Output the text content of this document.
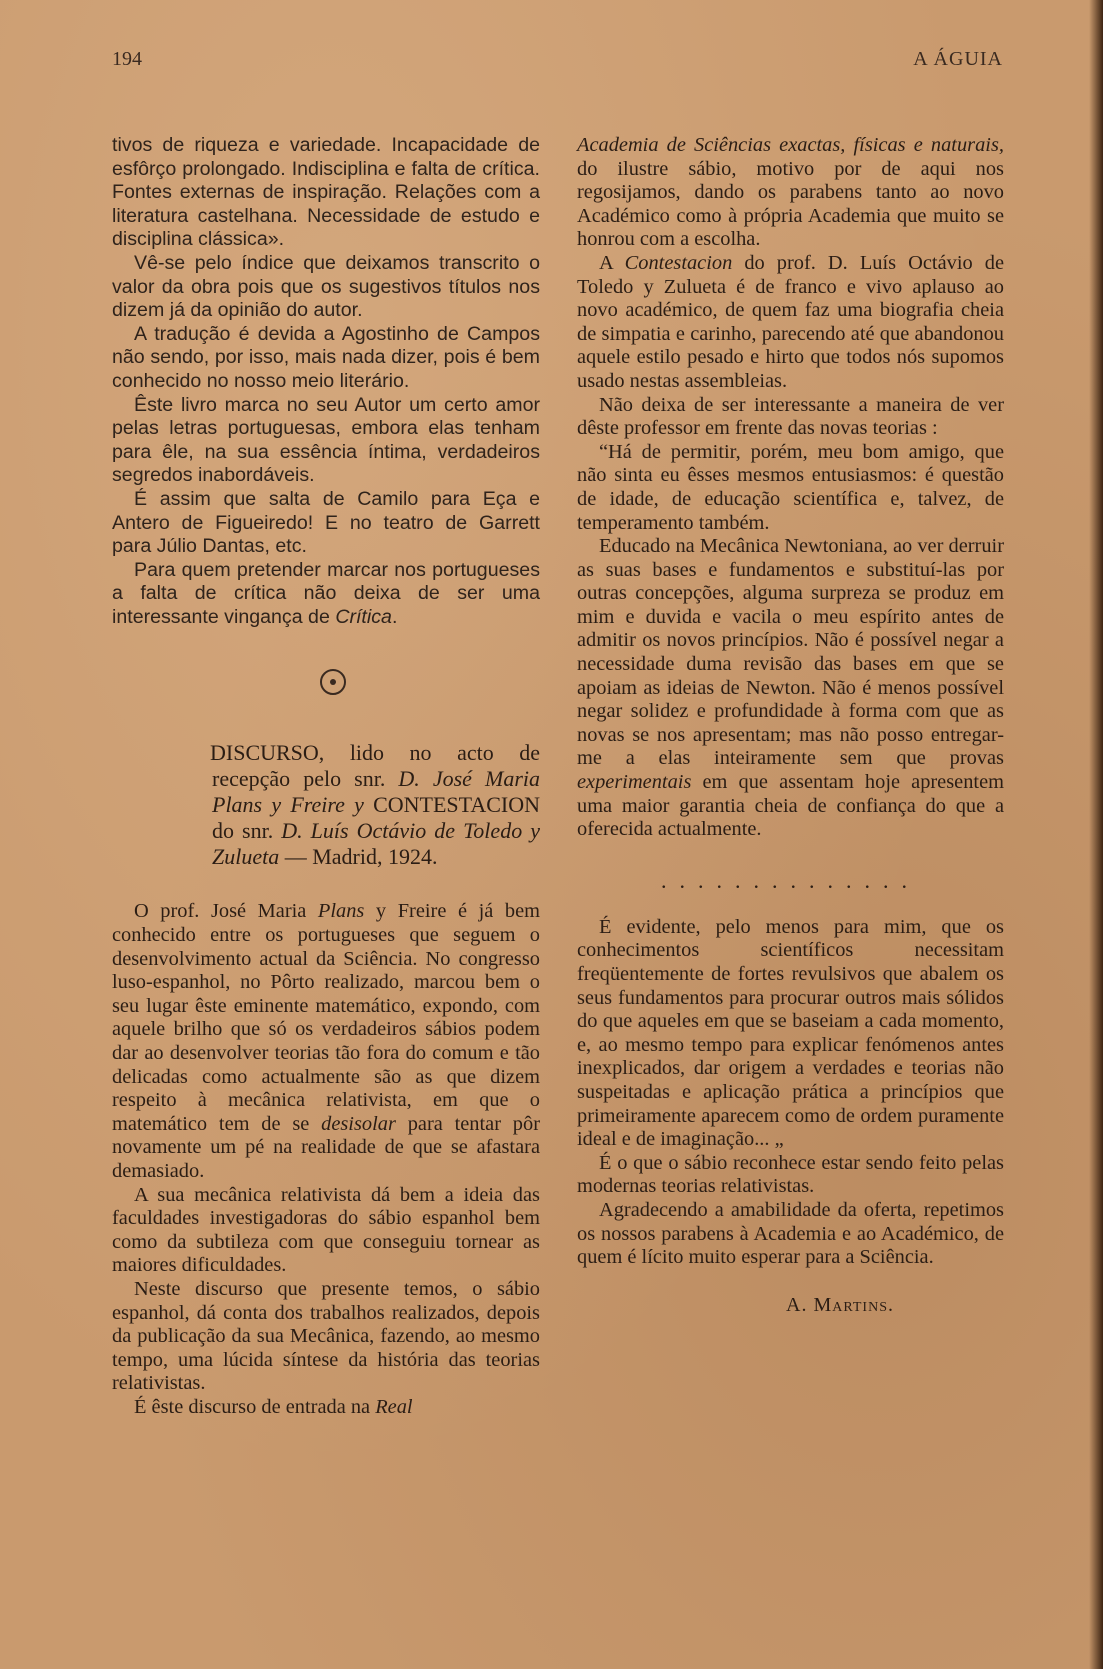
194	A ÁGUIA

tivos de riqueza e variedade. Incapacidade de esfôrço prolongado. Indisciplina e falta de crítica. Fontes externas de inspiração. Relações com a literatura castelhana. Necessidade de estudo e disciplina clássica».

Vê-se pelo índice que deixamos transcrito o valor da obra pois que os sugestivos títulos nos dizem já da opinião do autor.

A tradução é devida a Agostinho de Campos não sendo, por isso, mais nada dizer, pois é bem conhecido no nosso meio literário.

Êste livro marca no seu Autor um certo amor pelas letras portuguesas, embora elas tenham para êle, na sua essência íntima, verdadeiros segredos inabordáveis.

É assim que salta de Camilo para Eça e Antero de Figueiredo! E no teatro de Garrett para Júlio Dantas, etc.

Para quem pretender marcar nos portugueses a falta de crítica não deixa de ser uma interessante vingança de Crítica.

DISCURSO, lido no acto de recepção pelo snr. D. José Maria Plans y Freire y CONTESTACION do snr. D. Luís Octávio de Toledo y Zulueta — Madrid, 1924.

O prof. José Maria Plans y Freire é já bem conhecido entre os portugueses que seguem o desenvolvimento actual da Sciência. No congresso luso-espanhol, no Pôrto realizado, marcou bem o seu lugar êste eminente matemático, expondo, com aquele brilho que só os verdadeiros sábios podem dar ao desenvolver teorias tão fora do comum e tão delicadas como actualmente são as que dizem respeito à mecânica relativista, em que o matemático tem de se desisolar para tentar pôr novamente um pé na realidade de que se afastara demasiado.

A sua mecânica relativista dá bem a ideia das faculdades investigadoras do sábio espanhol bem como da subtileza com que conseguiu tornear as maiores dificuldades.

Neste discurso que presente temos, o sábio espanhol, dá conta dos trabalhos realizados, depois da publicação da sua Mecânica, fazendo, ao mesmo tempo, uma lúcida síntese da história das teorias relativistas.

É êste discurso de entrada na Real

Academia de Sciências exactas, físicas e naturais, do ilustre sábio, motivo por de aqui nos regosijamos, dando os parabens tanto ao novo Académico como à própria Academia que muito se honrou com a escolha.

A Contestacion do prof. D. Luís Octávio de Toledo y Zulueta é de franco e vivo aplauso ao novo académico, de quem faz uma biografia cheia de simpatia e carinho, parecendo até que abandonou aquele estilo pesado e hirto que todos nós supomos usado nestas assembleias.

Não deixa de ser interessante a maneira de ver dêste professor em frente das novas teorias :

“Há de permitir, porém, meu bom amigo, que não sinta eu êsses mesmos entusiasmos: é questão de idade, de educação scientífica e, talvez, de temperamento também.

Educado na Mecânica Newtoniana, ao ver derruir as suas bases e fundamentos e substituí-las por outras concepções, alguma surpreza se produz em mim e duvida e vacila o meu espírito antes de admitir os novos princípios. Não é possível negar a necessidade duma revisão das bases em que se apoiam as ideias de Newton. Não é menos possível negar solidez e profundidade à forma com que as novas se nos apresentam; mas não posso entregar-me a elas inteiramente sem que provas experimentais em que assentam hoje apresentem uma maior garantia cheia de confiança do que a oferecida actualmente.

..............

É evidente, pelo menos para mim, que os conhecimentos scientíficos necessitam freqüentemente de fortes revulsivos que abalem os seus fundamentos para procurar outros mais sólidos do que aqueles em que se baseiam a cada momento, e, ao mesmo tempo para explicar fenómenos antes inexplicados, dar origem a verdades e teorias não suspeitadas e aplicação prática a princípios que primeiramente aparecem como de ordem puramente ideal e de imaginação... „

É o que o sábio reconhece estar sendo feito pelas modernas teorias relativistas.

Agradecendo a amabilidade da oferta, repetimos os nossos parabens à Academia e ao Académico, de quem é lícito muito esperar para a Sciência.

A. Martins.
